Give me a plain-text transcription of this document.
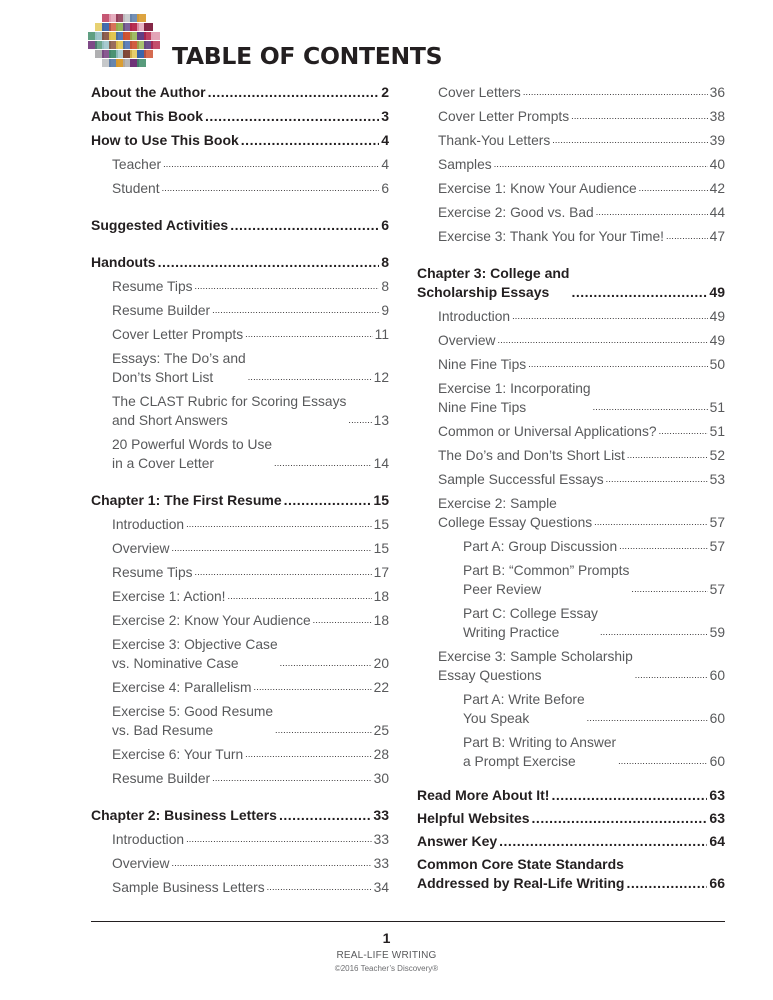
TABLE OF CONTENTS
About the Author .....	2
About This Book .....	3
How to Use This Book .....	4
Teacher .....	4
Student .....	6
Suggested Activities .....	6
Handouts .....	8
Resume Tips .....	8
Resume Builder .....	9
Cover Letter Prompts .....	11
Essays: The Do’s and
Don’ts Short List .....	12
The CLAST Rubric for Scoring Essays
and Short Answers .....	13
20 Powerful Words to Use
in a Cover Letter .....	14
Chapter 1: The First Resume .....	15
Introduction .....	15
Overview .....	15
Resume Tips .....	17
Exercise 1: Action! .....	18
Exercise 2: Know Your Audience .....	18
Exercise 3: Objective Case
vs. Nominative Case .....	20
Exercise 4: Parallelism .....	22
Exercise 5: Good Resume
vs. Bad Resume .....	25
Exercise 6: Your Turn .....	28
Resume Builder .....	30
Chapter 2: Business Letters .....	33
Introduction .....	33
Overview .....	33
Sample Business Letters .....	34
Cover Letters .....	36
Cover Letter Prompts .....	38
Thank-You Letters .....	39
Samples .....	40
Exercise 1: Know Your Audience .....	42
Exercise 2: Good vs. Bad .....	44
Exercise 3: Thank You for Your Time! .....	47
Chapter 3: College and
Scholarship Essays .....	49
Introduction .....	49
Overview .....	49
Nine Fine Tips .....	50
Exercise 1: Incorporating
Nine Fine Tips .....	51
Common or Universal Applications? .....	51
The Do’s and Don’ts Short List .....	52
Sample Successful Essays .....	53
Exercise 2: Sample
College Essay Questions .....	57
Part A: Group Discussion .....	57
Part B: “Common” Prompts
Peer Review .....	57
Part C: College Essay
Writing Practice .....	59
Exercise 3: Sample Scholarship
Essay Questions .....	60
Part A: Write Before
You Speak .....	60
Part B: Writing to Answer
a Prompt Exercise .....	60
Read More About It! .....	63
Helpful Websites .....	63
Answer Key .....	64
Common Core State Standards
Addressed by Real-Life Writing .....	66
1
REAL-LIFE WRITING
©2016 Teacher’s Discovery®
